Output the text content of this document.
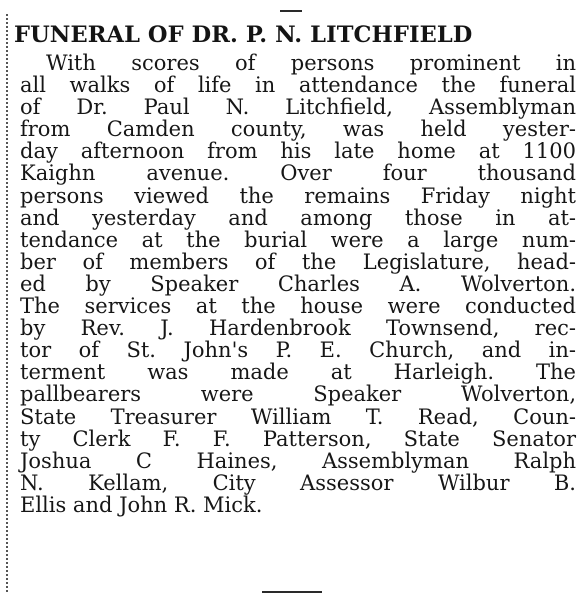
FUNERAL OF DR. P. N. LITCHFIELD
With scores of persons prominent in
all walks of life in attendance the funeral
of Dr. Paul N. Litchfield, Assemblyman
from Camden county, was held yester-
day afternoon from his late home at 1100
Kaighn avenue. Over four thousand
persons viewed the remains Friday night
and yesterday and among those in at-
tendance at the burial were a large num-
ber of members of the Legislature, head-
ed by Speaker Charles A. Wolverton.
The services at the house were conducted
by Rev. J. Hardenbrook Townsend, rec-
tor of St. John's P. E. Church, and in-
terment was made at Harleigh. The
pallbearers were Speaker Wolverton,
State Treasurer William T. Read, Coun-
ty Clerk F. F. Patterson, State Senator
Joshua C Haines, Assemblyman Ralph
N. Kellam, City Assessor Wilbur B.
Ellis and John R. Mick.
